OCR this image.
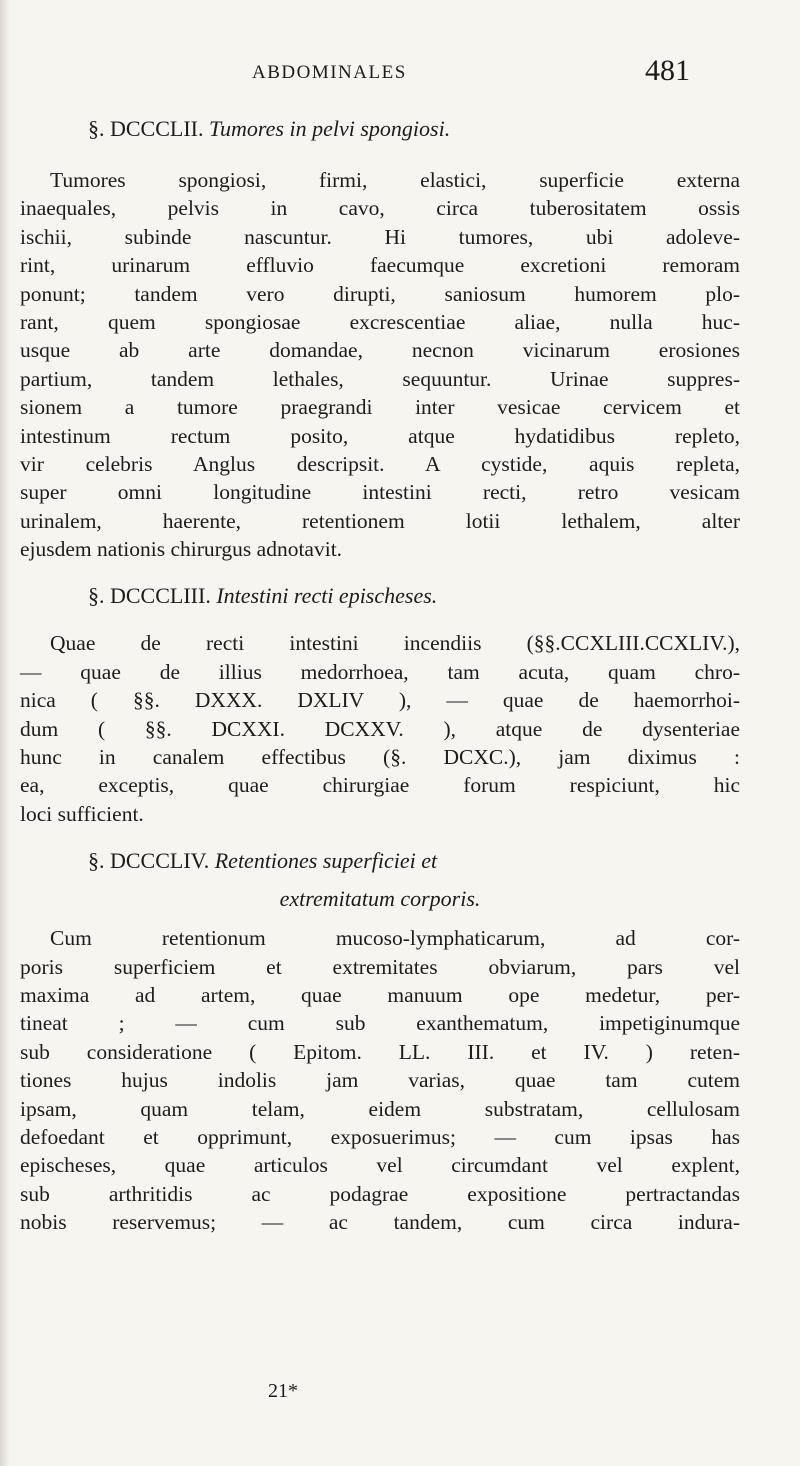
ABDOMINALES	481
§. DCCCLII. Tumores in pelvi spongiosi.
Tumores spongiosi, firmi, elastici, superficie externa
inaequales, pelvis in cavo, circa tuberositatem ossis
ischii, subinde nascuntur. Hi tumores, ubi adoleve-
rint, urinarum effluvio faecumque excretioni remoram
ponunt; tandem vero dirupti, saniosum humorem plo-
rant, quem spongiosae excrescentiae aliae, nulla huc-
usque ab arte domandae, necnon vicinarum erosiones
partium, tandem lethales, sequuntur. Urinae suppres-
sionem a tumore praegrandi inter vesicae cervicem et
intestinum rectum posito, atque hydatidibus repleto,
vir celebris Anglus descripsit. A cystide, aquis repleta,
super omni longitudine intestini recti, retro vesicam
urinalem, haerente, retentionem lotii lethalem, alter
ejusdem nationis chirurgus adnotavit.
§. DCCCLIII. Intestini recti epischeses.
Quae de recti intestini incendiis (§§.CCXLIII.CCXLIV.),
— quae de illius medorrhoea, tam acuta, quam chro-
nica ( §§. DXXX. DXLIV ), — quae de haemorrhoi-
dum ( §§. DCXXI. DCXXV. ), atque de dysenteriae
hunc in canalem effectibus (§. DCXC.), jam diximus :
ea, exceptis, quae chirurgiae forum respiciunt, hic
loci sufficient.
§. DCCCLIV. Retentiones superficiei et
extremitatum corporis.
Cum retentionum mucoso-lymphaticarum, ad cor-
poris superficiem et extremitates obviarum, pars vel
maxima ad artem, quae manuum ope medetur, per-
tineat ; — cum sub exanthematum, impetiginumque
sub consideratione ( Epitom. LL. III. et IV. ) reten-
tiones hujus indolis jam varias, quae tam cutem
ipsam, quam telam, eidem substratam, cellulosam
defoedant et opprimunt, exposuerimus; — cum ipsas has
epischeses, quae articulos vel circumdant vel explent,
sub arthritidis ac podagrae expositione pertractandas
nobis reservemus; — ac tandem, cum circa indura-
21*
